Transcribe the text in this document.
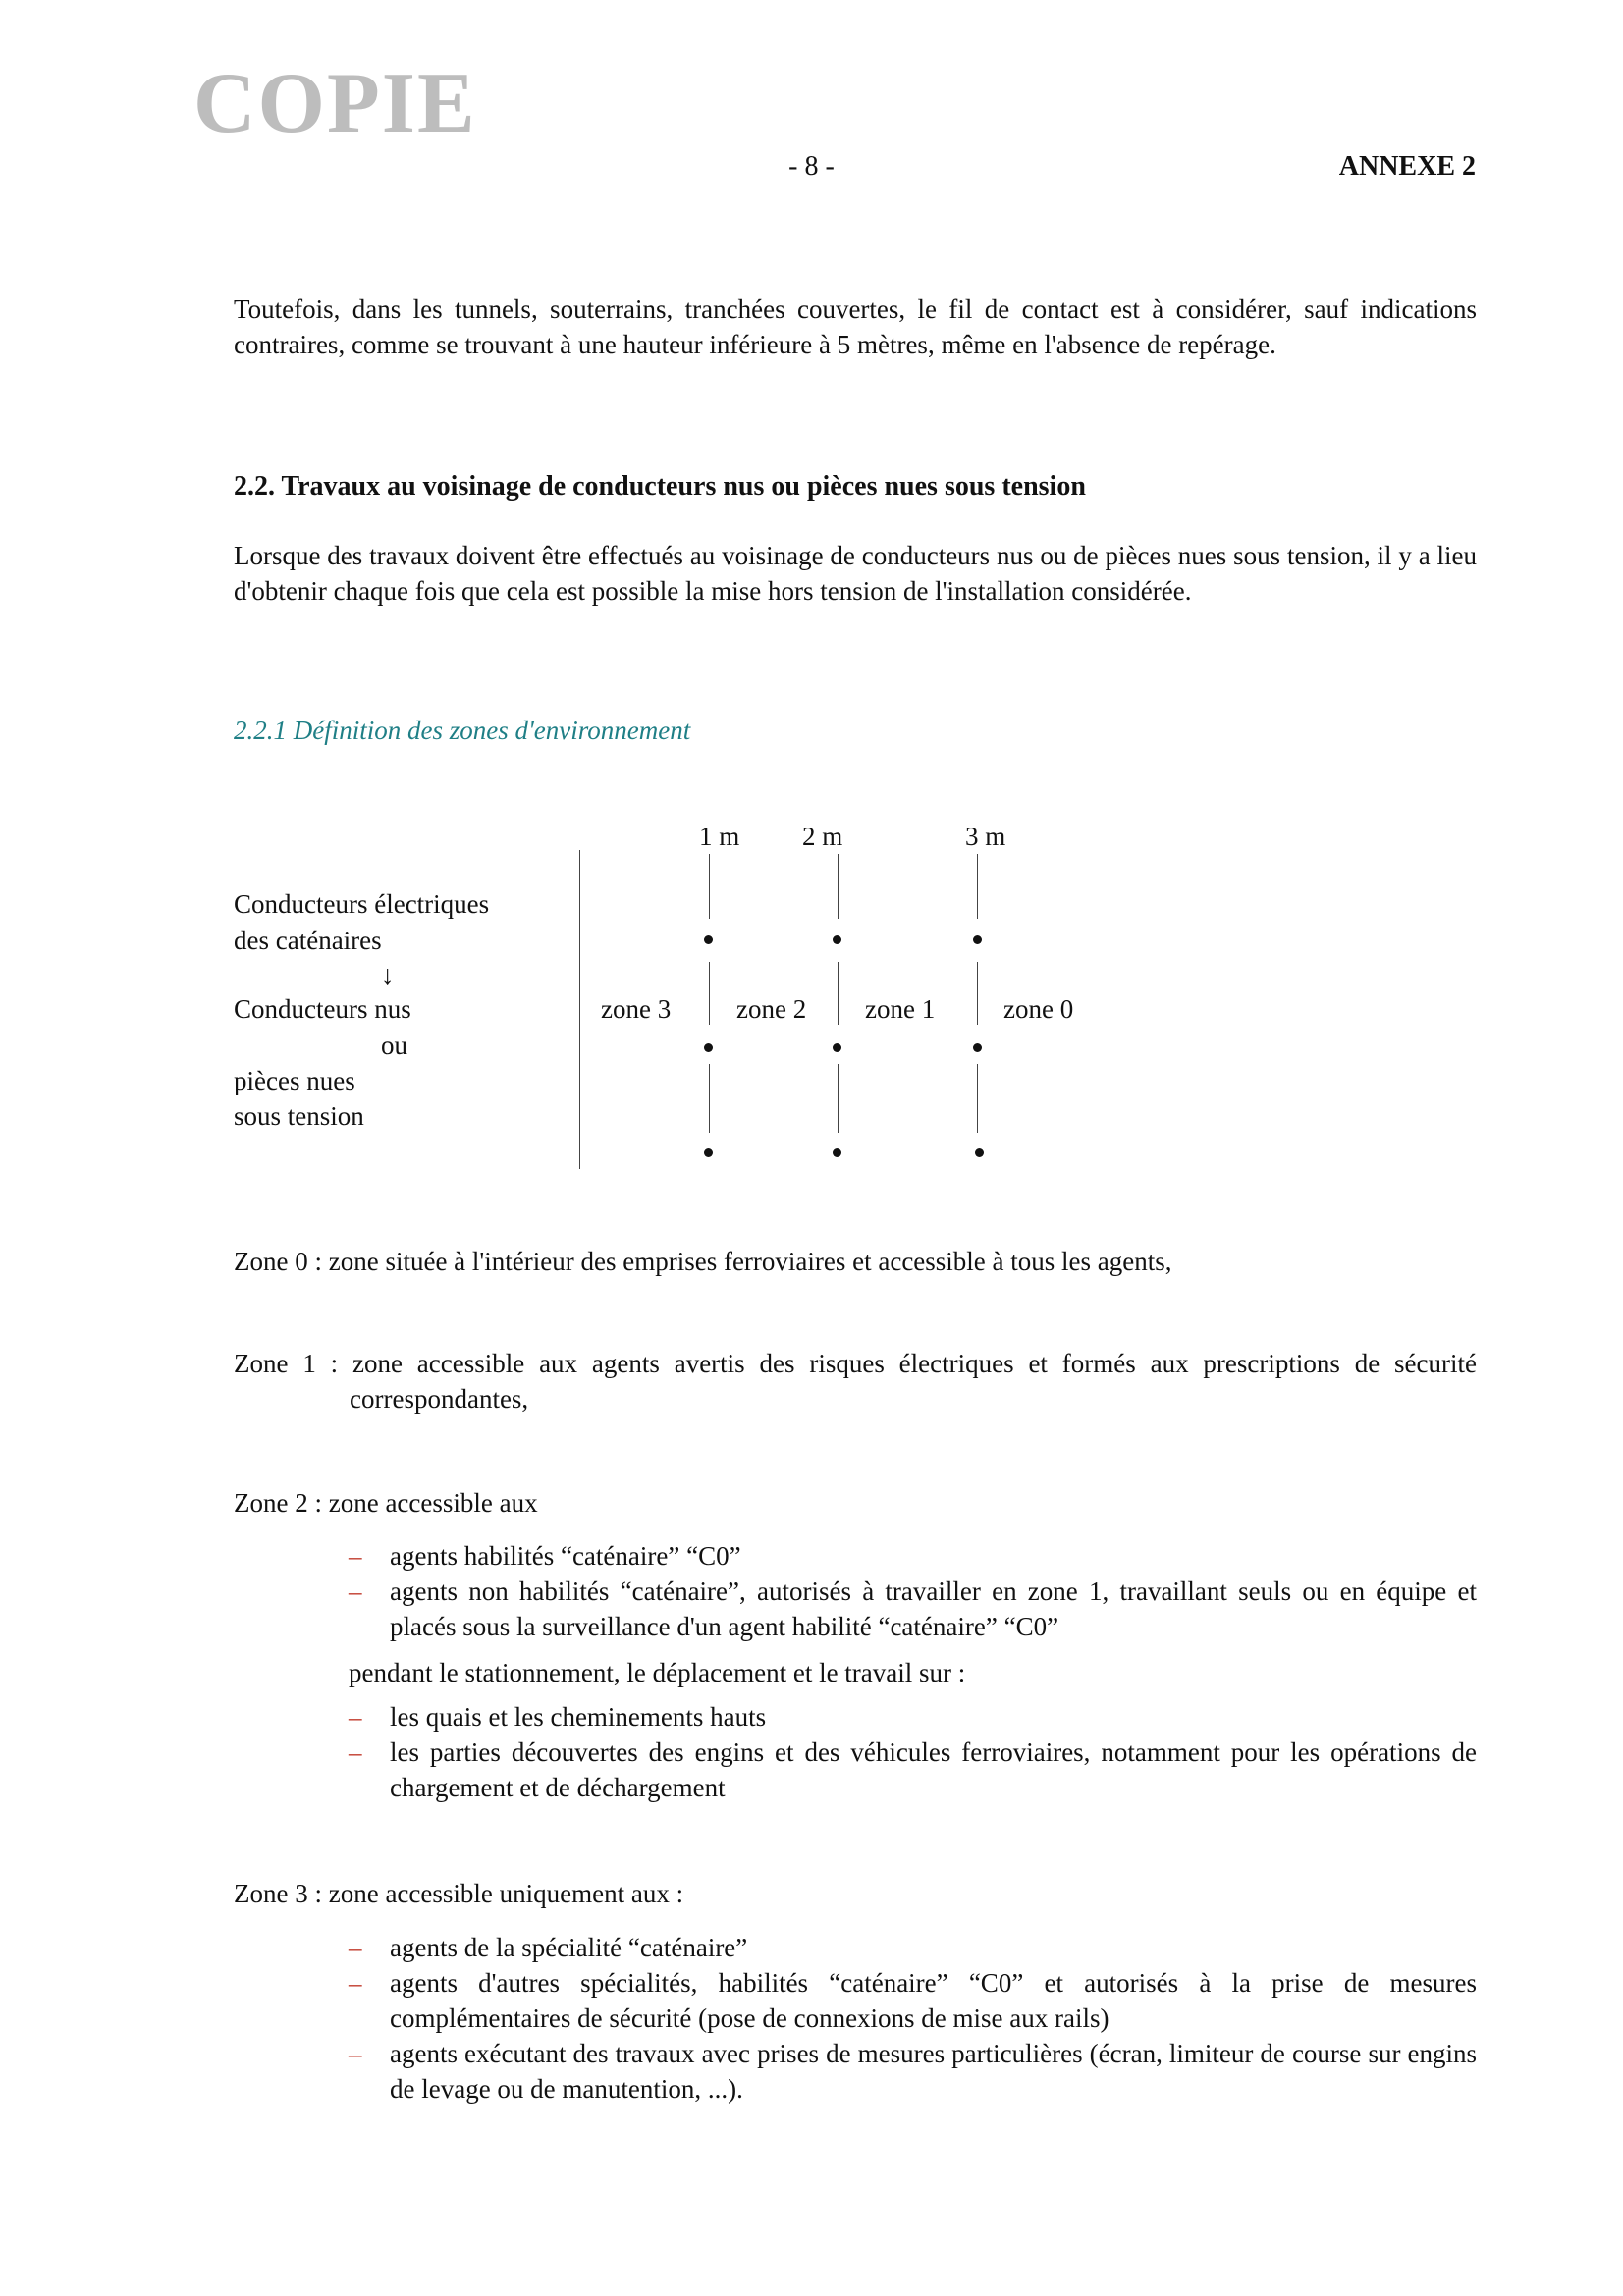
COPIE
- 8 -	ANNEXE 2
Toutefois, dans les tunnels, souterrains, tranchées couvertes, le fil de contact est à considérer, sauf indications contraires, comme se trouvant à une hauteur inférieure à 5 mètres, même en l'absence de repérage.
2.2. Travaux au voisinage de conducteurs nus ou pièces nues sous tension
Lorsque des travaux doivent être effectués au voisinage de conducteurs nus ou de pièces nues sous tension, il y a lieu d'obtenir chaque fois que cela est possible la mise hors tension de l'installation considérée.
2.2.1 Définition des zones d'environnement
Conducteurs électriques
des caténaires
↓
Conducteurs nus
ou
pièces nues
sous tension
1 m 2 m	3 m
zone 3 zone 2 zone 1	zone 0
Zone 0 : zone située à l'intérieur des emprises ferroviaires et accessible à tous les agents,
Zone 1 : zone accessible aux agents avertis des risques électriques et formés aux prescriptions de sécurité correspondantes,
Zone 2 : zone accessible aux
– agents habilités “caténaire” “C0”
– agents non habilités “caténaire”, autorisés à travailler en zone 1, travaillant seuls ou en équipe et placés sous la surveillance d'un agent habilité “caténaire” “C0”
pendant le stationnement, le déplacement et le travail sur :
– les quais et les cheminements hauts
– les parties découvertes des engins et des véhicules ferroviaires, notamment pour les opérations de chargement et de déchargement
Zone 3 : zone accessible uniquement aux :
– agents de la spécialité “caténaire”
– agents d'autres spécialités, habilités “caténaire” “C0” et autorisés à la prise de mesures complémentaires de sécurité (pose de connexions de mise aux rails)
– agents exécutant des travaux avec prises de mesures particulières (écran, limiteur de course sur engins de levage ou de manutention, ...).
